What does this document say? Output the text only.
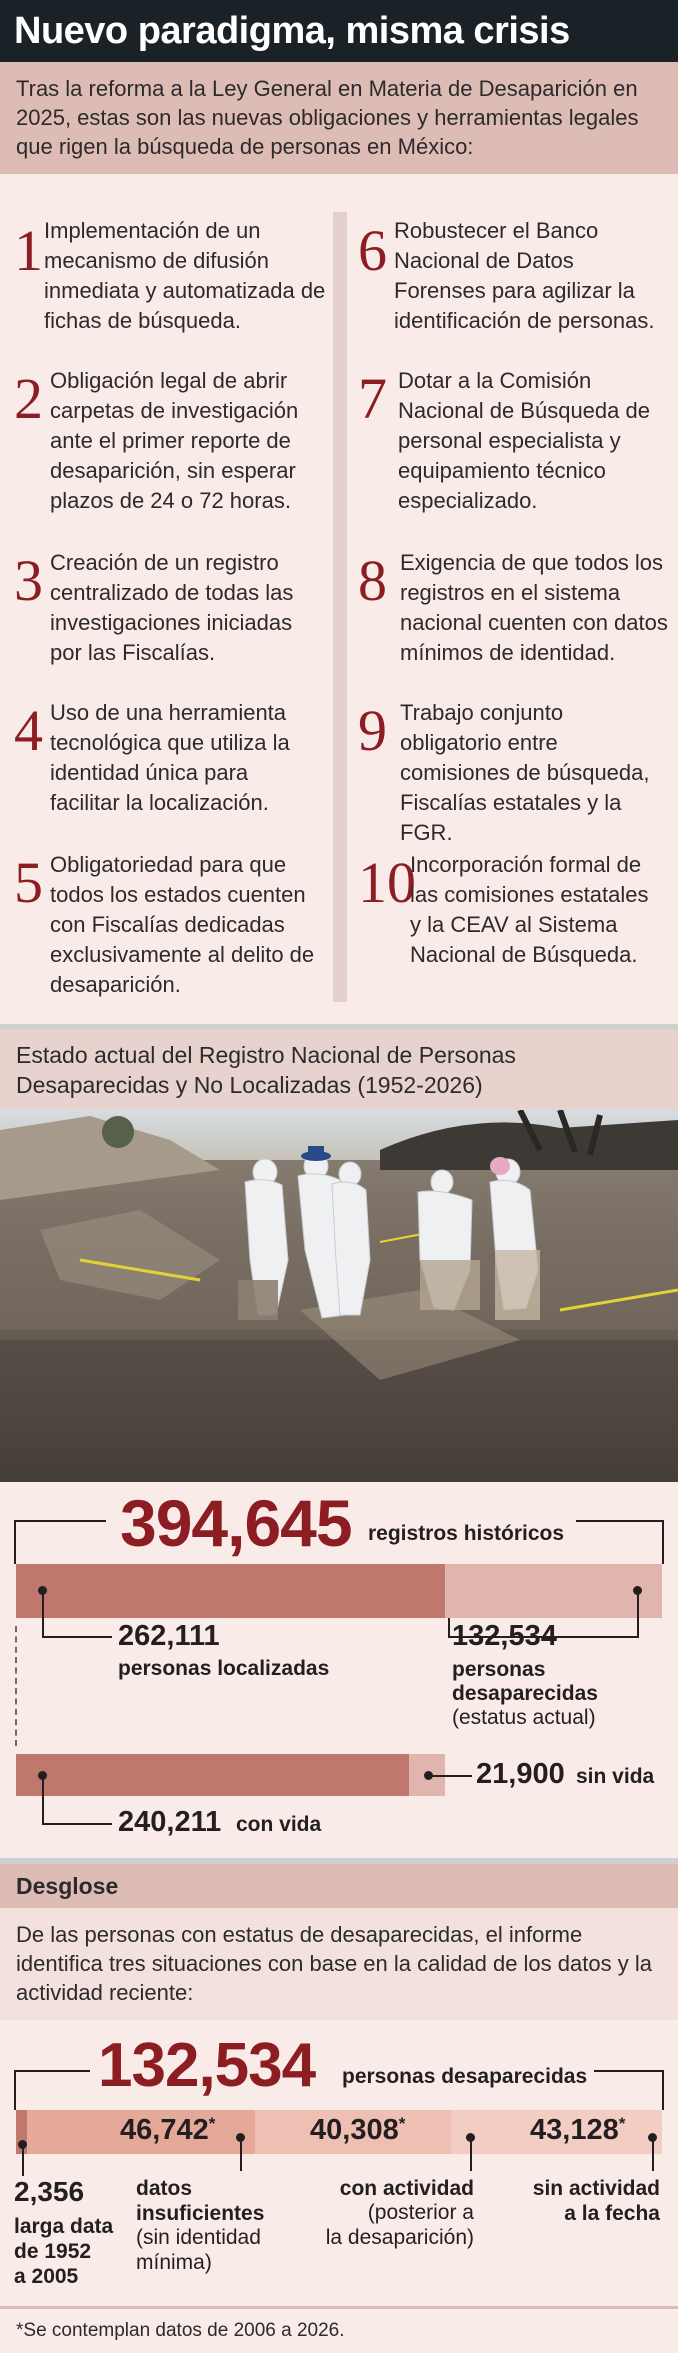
Nuevo paradigma, misma crisis
Tras la reforma a la Ley General en Materia de Desaparición en 2025, estas son las nuevas obligaciones y herramientas legales que rigen la búsqueda de personas en México:
1 Implementación de un mecanismo de difusión inmediata y automatizada de fichas de búsqueda.
2 Obligación legal de abrir carpetas de investigación ante el primer reporte de desaparición, sin esperar plazos de 24 o 72 horas.
3 Creación de un registro centralizado de todas las investigaciones iniciadas por las Fiscalías.
4 Uso de una herramienta tecnológica que utiliza la identidad única para facilitar la localización.
5 Obligatoriedad para que todos los estados cuenten con Fiscalías dedicadas exclusivamente al delito de desaparición.
6 Robustecer el Banco Nacional de Datos Forenses para agilizar la identificación de personas.
7 Dotar a la Comisión Nacional de Búsqueda de personal especialista y equipamiento técnico especializado.
8 Exigencia de que todos los registros en el sistema nacional cuenten con datos mínimos de identidad.
9 Trabajo conjunto obligatorio entre comisiones de búsqueda, Fiscalías estatales y la FGR.
10
Incorporación formal de las comisiones estatales y la CEAV al Sistema Nacional de Búsqueda.
Estado actual del Registro Nacional de Personas Desaparecidas y No Localizadas (1952-2026)
394,645 registros históricos
262,111
personas localizadas
132,534
personas
desaparecidas
(estatus actual)
240,211 con vida
21,900 sin vida
Desglose
De las personas con estatus de desaparecidas, el informe identifica tres situaciones con base en la calidad de los datos y la actividad reciente:
132,534 personas desaparecidas
46,742*	40,308*	43,128*
2,356
larga data
de 1952
a 2005
datos
insuficientes
(sin identidad
mínima)
con actividad
(posterior a
la desaparición)
sin actividad
a la fecha
*Se contemplan datos de 2006 a 2026.
